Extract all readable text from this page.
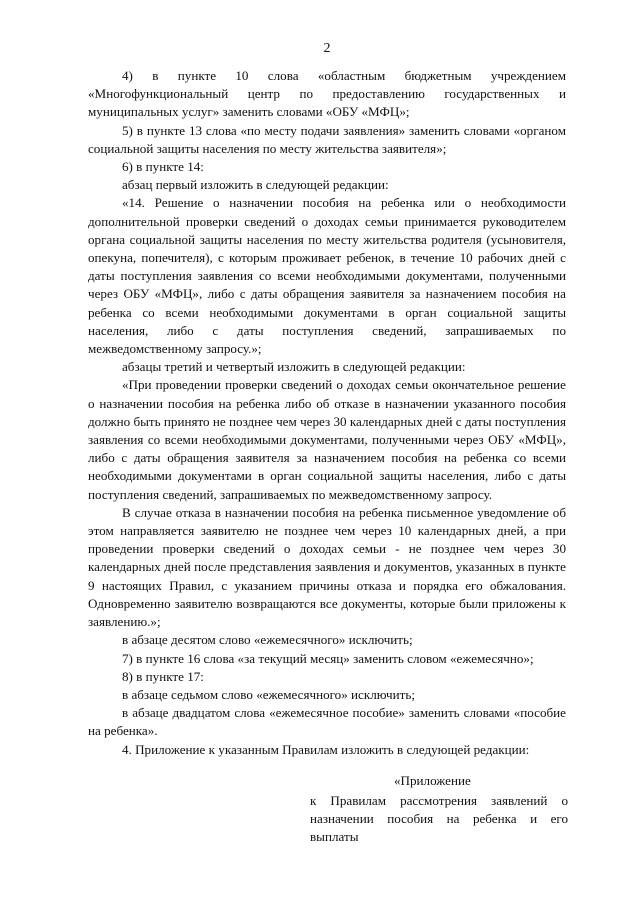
2

4) в пункте 10 слова «областным бюджетным учреждением «Многофункциональный центр по предоставлению государственных и муниципальных услуг» заменить словами «ОБУ «МФЦ»;

5) в пункте 13 слова «по месту подачи заявления» заменить словами «органом социальной защиты населения по месту жительства заявителя»;

6) в пункте 14:

абзац первый изложить в следующей редакции:

«14. Решение о назначении пособия на ребенка или о необходимости дополнительной проверки сведений о доходах семьи принимается руководителем органа социальной защиты населения по месту жительства родителя (усыновителя, опекуна, попечителя), с которым проживает ребенок, в течение 10 рабочих дней с даты поступления заявления со всеми необходимыми документами, полученными через ОБУ «МФЦ», либо с даты обращения заявителя за назначением пособия на ребенка со всеми необходимыми документами в орган социальной защиты населения, либо с даты поступления сведений, запрашиваемых по межведомственному запросу.»;

абзацы третий и четвертый изложить в следующей редакции:

«При проведении проверки сведений о доходах семьи окончательное решение о назначении пособия на ребенка либо об отказе в назначении указанного пособия должно быть принято не позднее чем через 30 календарных дней с даты поступления заявления со всеми необходимыми документами, полученными через ОБУ «МФЦ», либо с даты обращения заявителя за назначением пособия на ребенка со всеми необходимыми документами в орган социальной защиты населения, либо с даты поступления сведений, запрашиваемых по межведомственному запросу.

В случае отказа в назначении пособия на ребенка письменное уведомление об этом направляется заявителю не позднее чем через 10 календарных дней, а при проведении проверки сведений о доходах семьи - не позднее чем через 30 календарных дней после представления заявления и документов, указанных в пункте 9 настоящих Правил, с указанием причины отказа и порядка его обжалования. Одновременно заявителю возвращаются все документы, которые были приложены к заявлению.»;

в абзаце десятом слово «ежемесячного» исключить;

7) в пункте 16 слова «за текущий месяц» заменить словом «ежемесячно»;

8) в пункте 17:

в абзаце седьмом слово «ежемесячного» исключить;

в абзаце двадцатом слова «ежемесячное пособие» заменить словами «пособие на ребенка».

4. Приложение к указанным Правилам изложить в следующей редакции:

«Приложение

к Правилам рассмотрения заявлений о назначении пособия на ребенка и его выплаты
